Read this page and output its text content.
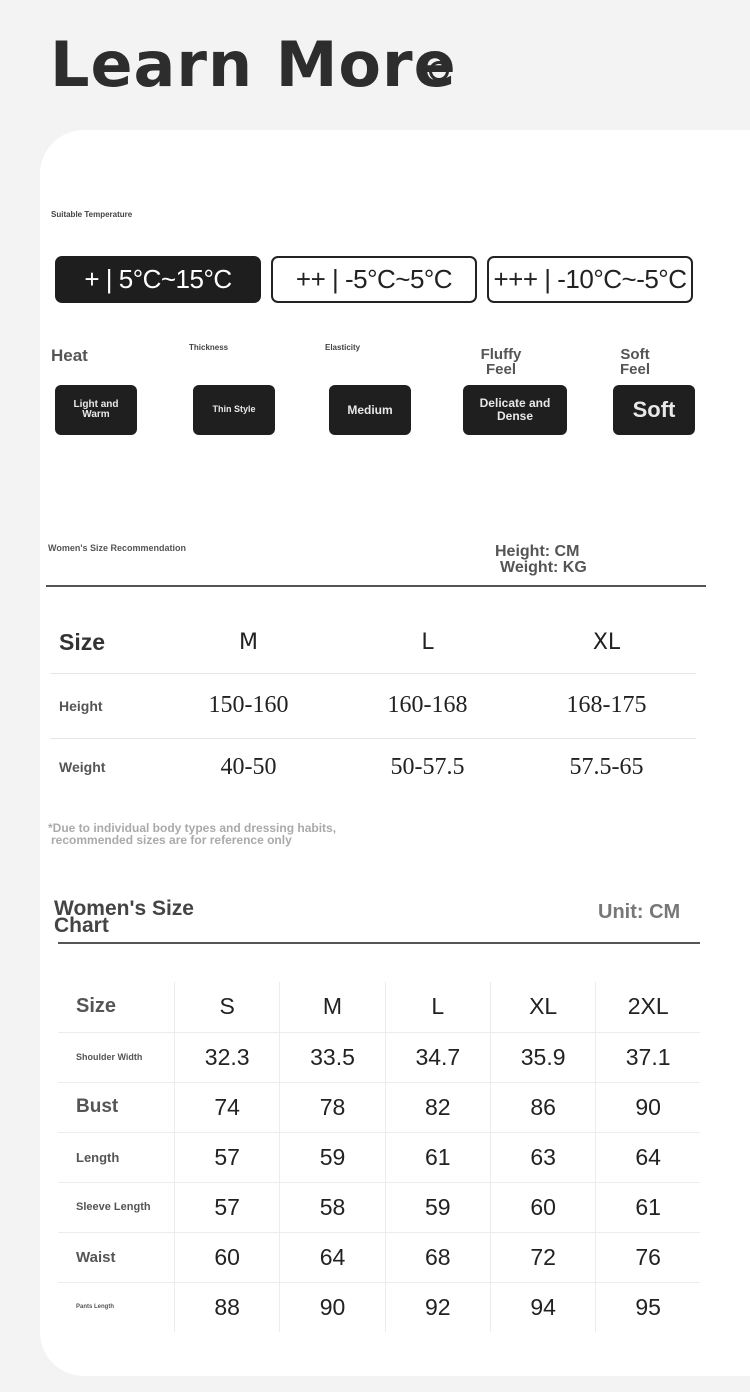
Learn More
Suitable Temperature
+ | 5°C~15°C	++ | -5°C~5°C	+++ | -10°C~-5°C
Heat	Thickness	Elasticity	Fluffy Feel
Soft Feel
Light and Warm	Thin Style	Medium	Delicate and Dense	Soft
Women's Size Recommendation	Height: CM
Weight: KG
Size	M	L	XL
Height	150-160	160-168	168-175
Weight	40-50	50-57.5	57.5-65
*Due to individual body types and dressing habits,
recommended sizes are for reference only
Women's Size Chart
Unit: CM
Size	S	M	L	XL	2XL
Shoulder Width	32.3	33.5	34.7	35.9	37.1
Bust	74	78	82	86	90
Length	57	59	61	63	64
Sleeve Length	57	58	59	60	61
Waist	60	64	68	72	76
Pants Length	88	90	92	94	95
